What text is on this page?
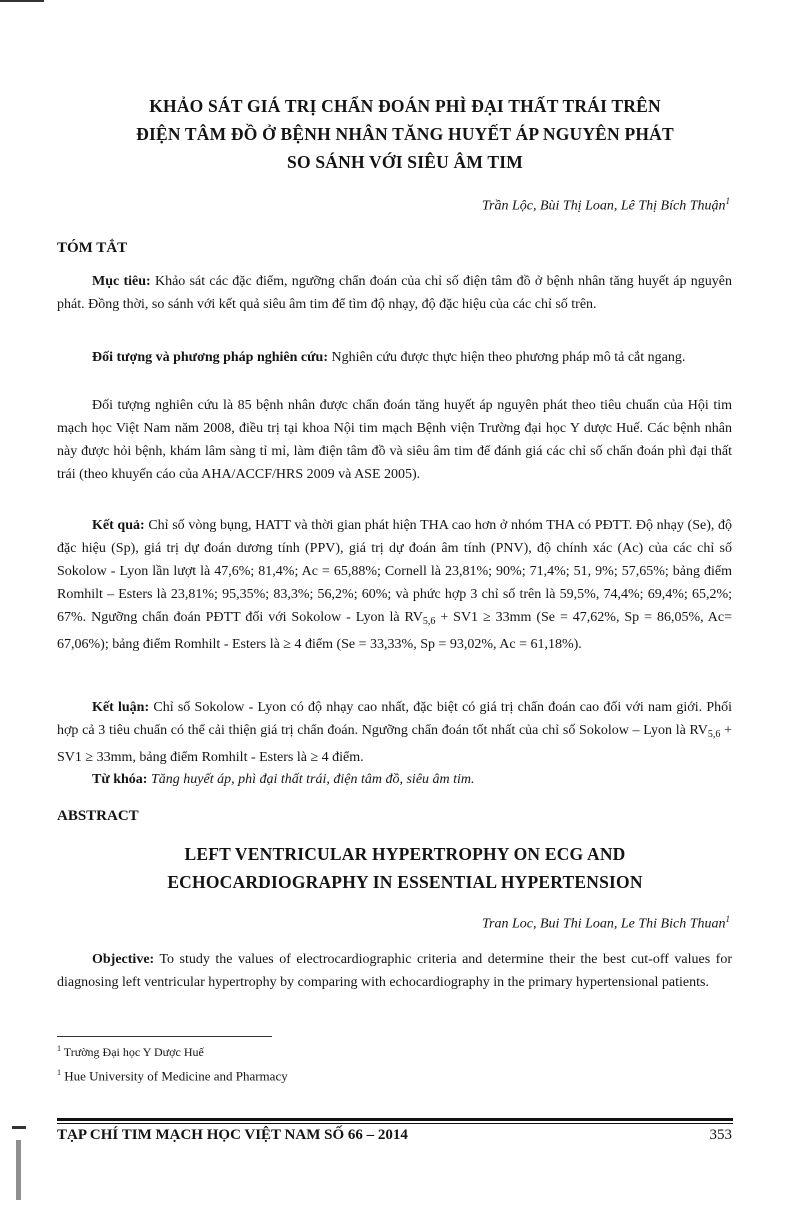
KHẢO SÁT GIÁ TRỊ CHẨN ĐOÁN PHÌ ĐẠI THẤT TRÁI TRÊN
ĐIỆN TÂM ĐỒ Ở BỆNH NHÂN TĂNG HUYẾT ÁP NGUYÊN PHÁT
SO SÁNH VỚI SIÊU ÂM TIM
Trần Lộc, Bùi Thị Loan, Lê Thị Bích Thuận$^1$
TÓM TẮT
Mục tiêu: Khảo sát các đặc điểm, ngưỡng chẩn đoán của chỉ số điện tâm đồ ở bệnh nhân tăng huyết áp nguyên phát. Đồng thời, so sánh với kết quả siêu âm tim để tìm độ nhạy, độ đặc hiệu của các chỉ số trên.
Đối tượng và phương pháp nghiên cứu: Nghiên cứu được thực hiện theo phương pháp mô tả cắt ngang.
Đối tượng nghiên cứu là 85 bệnh nhân được chẩn đoán tăng huyết áp nguyên phát theo tiêu chuẩn của Hội tim mạch học Việt Nam năm 2008, điều trị tại khoa Nội tim mạch Bệnh viện Trường đại học Y dược Huế. Các bệnh nhân này được hỏi bệnh, khám lâm sàng tỉ mỉ, làm điện tâm đồ và siêu âm tim để đánh giá các chỉ số chẩn đoán phì đại thất trái (theo khuyến cáo của AHA/ACCF/HRS 2009 và ASE 2005).
Kết quả: Chỉ số vòng bụng, HATT và thời gian phát hiện THA cao hơn ở nhóm THA có PĐTT. Độ nhạy (Se), độ đặc hiệu (Sp), giá trị dự đoán dương tính (PPV), giá trị dự đoán âm tính (PNV), độ chính xác (Ac) của các chỉ số Sokolow - Lyon lần lượt là 47,6%; 81,4%; Ac = 65,88%; Cornell là 23,81%; 90%; 71,4%; 51, 9%; 57,65%; bảng điểm Romhilt – Esters là 23,81%; 95,35%; 83,3%; 56,2%; 60%; và phức hợp 3 chỉ số trên là 59,5%, 74,4%; 69,4%; 65,2%; 67%. Ngưỡng chẩn đoán PĐTT đối với Sokolow - Lyon là $RV_{5,6} + SV1 \ge 33mm$ (Se = 47,62%, Sp = 86,05%, Ac= 67,06%); bảng điểm Romhilt - Esters là ≥ 4 điểm (Se = 33,33%, Sp = 93,02%, Ac = 61,18%).
Kết luận: Chỉ số Sokolow - Lyon có độ nhạy cao nhất, đặc biệt có giá trị chẩn đoán cao đối với nam giới. Phối hợp cả 3 tiêu chuẩn có thể cải thiện giá trị chẩn đoán. Ngưỡng chẩn đoán tốt nhất của chỉ số Sokolow – Lyon là $RV_{5,6} + SV1 \ge 33mm$, bảng điểm Romhilt - Esters là ≥ 4 điểm.
Từ khóa: Tăng huyết áp, phì đại thất trái, điện tâm đồ, siêu âm tim.
ABSTRACT
LEFT VENTRICULAR HYPERTROPHY ON ECG AND
ECHOCARDIOGRAPHY IN ESSENTIAL HYPERTENSION
Tran Loc, Bui Thi Loan, Le Thi Bich Thuan$^1$
Objective: To study the values of electrocardiographic criteria and determine their the best cut-off values for diagnosing left ventricular hypertrophy by comparing with echocardiography in the primary hypertensional patients.
$^1$ Trường Đại học Y Dược Huế
$^1$ Hue University of Medicine and Pharmacy
TẠP CHÍ TIM MẠCH HỌC VIỆT NAM SỐ 66 – 2014	353
